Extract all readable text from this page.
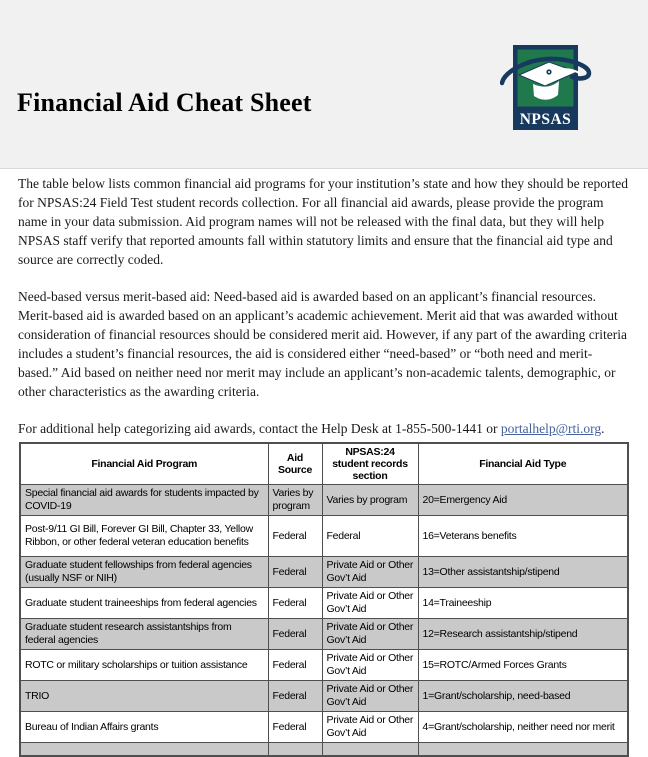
Financial Aid Cheat Sheet
NPSAS

The table below lists common financial aid programs for your institution’s state and how they should be reported for NPSAS:24 Field Test student records collection. For all financial aid awards, please provide the program name in your data submission. Aid program names will not be released with the final data, but they will help NPSAS staff verify that reported amounts fall within statutory limits and ensure that the financial aid type and source are correctly coded.

Need-based versus merit-based aid: Need-based aid is awarded based on an applicant’s financial resources. Merit-based aid is awarded based on an applicant’s academic achievement. Merit aid that was awarded without consideration of financial resources should be considered merit aid. However, if any part of the awarding criteria includes a student’s financial resources, the aid is considered either “need-based” or “both need and merit-based.” Aid based on neither need nor merit may include an applicant’s non-academic talents, demographic, or other characteristics as the awarding criteria.

For additional help categorizing aid awards, contact the Help Desk at 1-855-500-1441 or portalhelp@rti.org.

Financial Aid Program	Aid Source	NPSAS:24 student records section	Financial Aid Type
Special financial aid awards for students impacted by COVID-19	Varies by program	Varies by program	20=Emergency Aid
Post-9/11 GI Bill, Forever GI Bill, Chapter 33, Yellow Ribbon, or other federal veteran education benefits	Federal	Federal	16=Veterans benefits
Graduate student fellowships from federal agencies (usually NSF or NIH)	Federal	Private Aid or Other Gov’t Aid	13=Other assistantship/stipend
Graduate student traineeships from federal agencies	Federal	Private Aid or Other Gov’t Aid	14=Traineeship
Graduate student research assistantships from federal agencies	Federal	Private Aid or Other Gov’t Aid	12=Research assistantship/stipend
ROTC or military scholarships or tuition assistance	Federal	Private Aid or Other Gov’t Aid	15=ROTC/Armed Forces Grants
TRIO	Federal	Private Aid or Other Gov’t Aid	1=Grant/scholarship, need-based
Bureau of Indian Affairs grants	Federal	Private Aid or Other Gov’t Aid	4=Grant/scholarship, neither need nor merit
